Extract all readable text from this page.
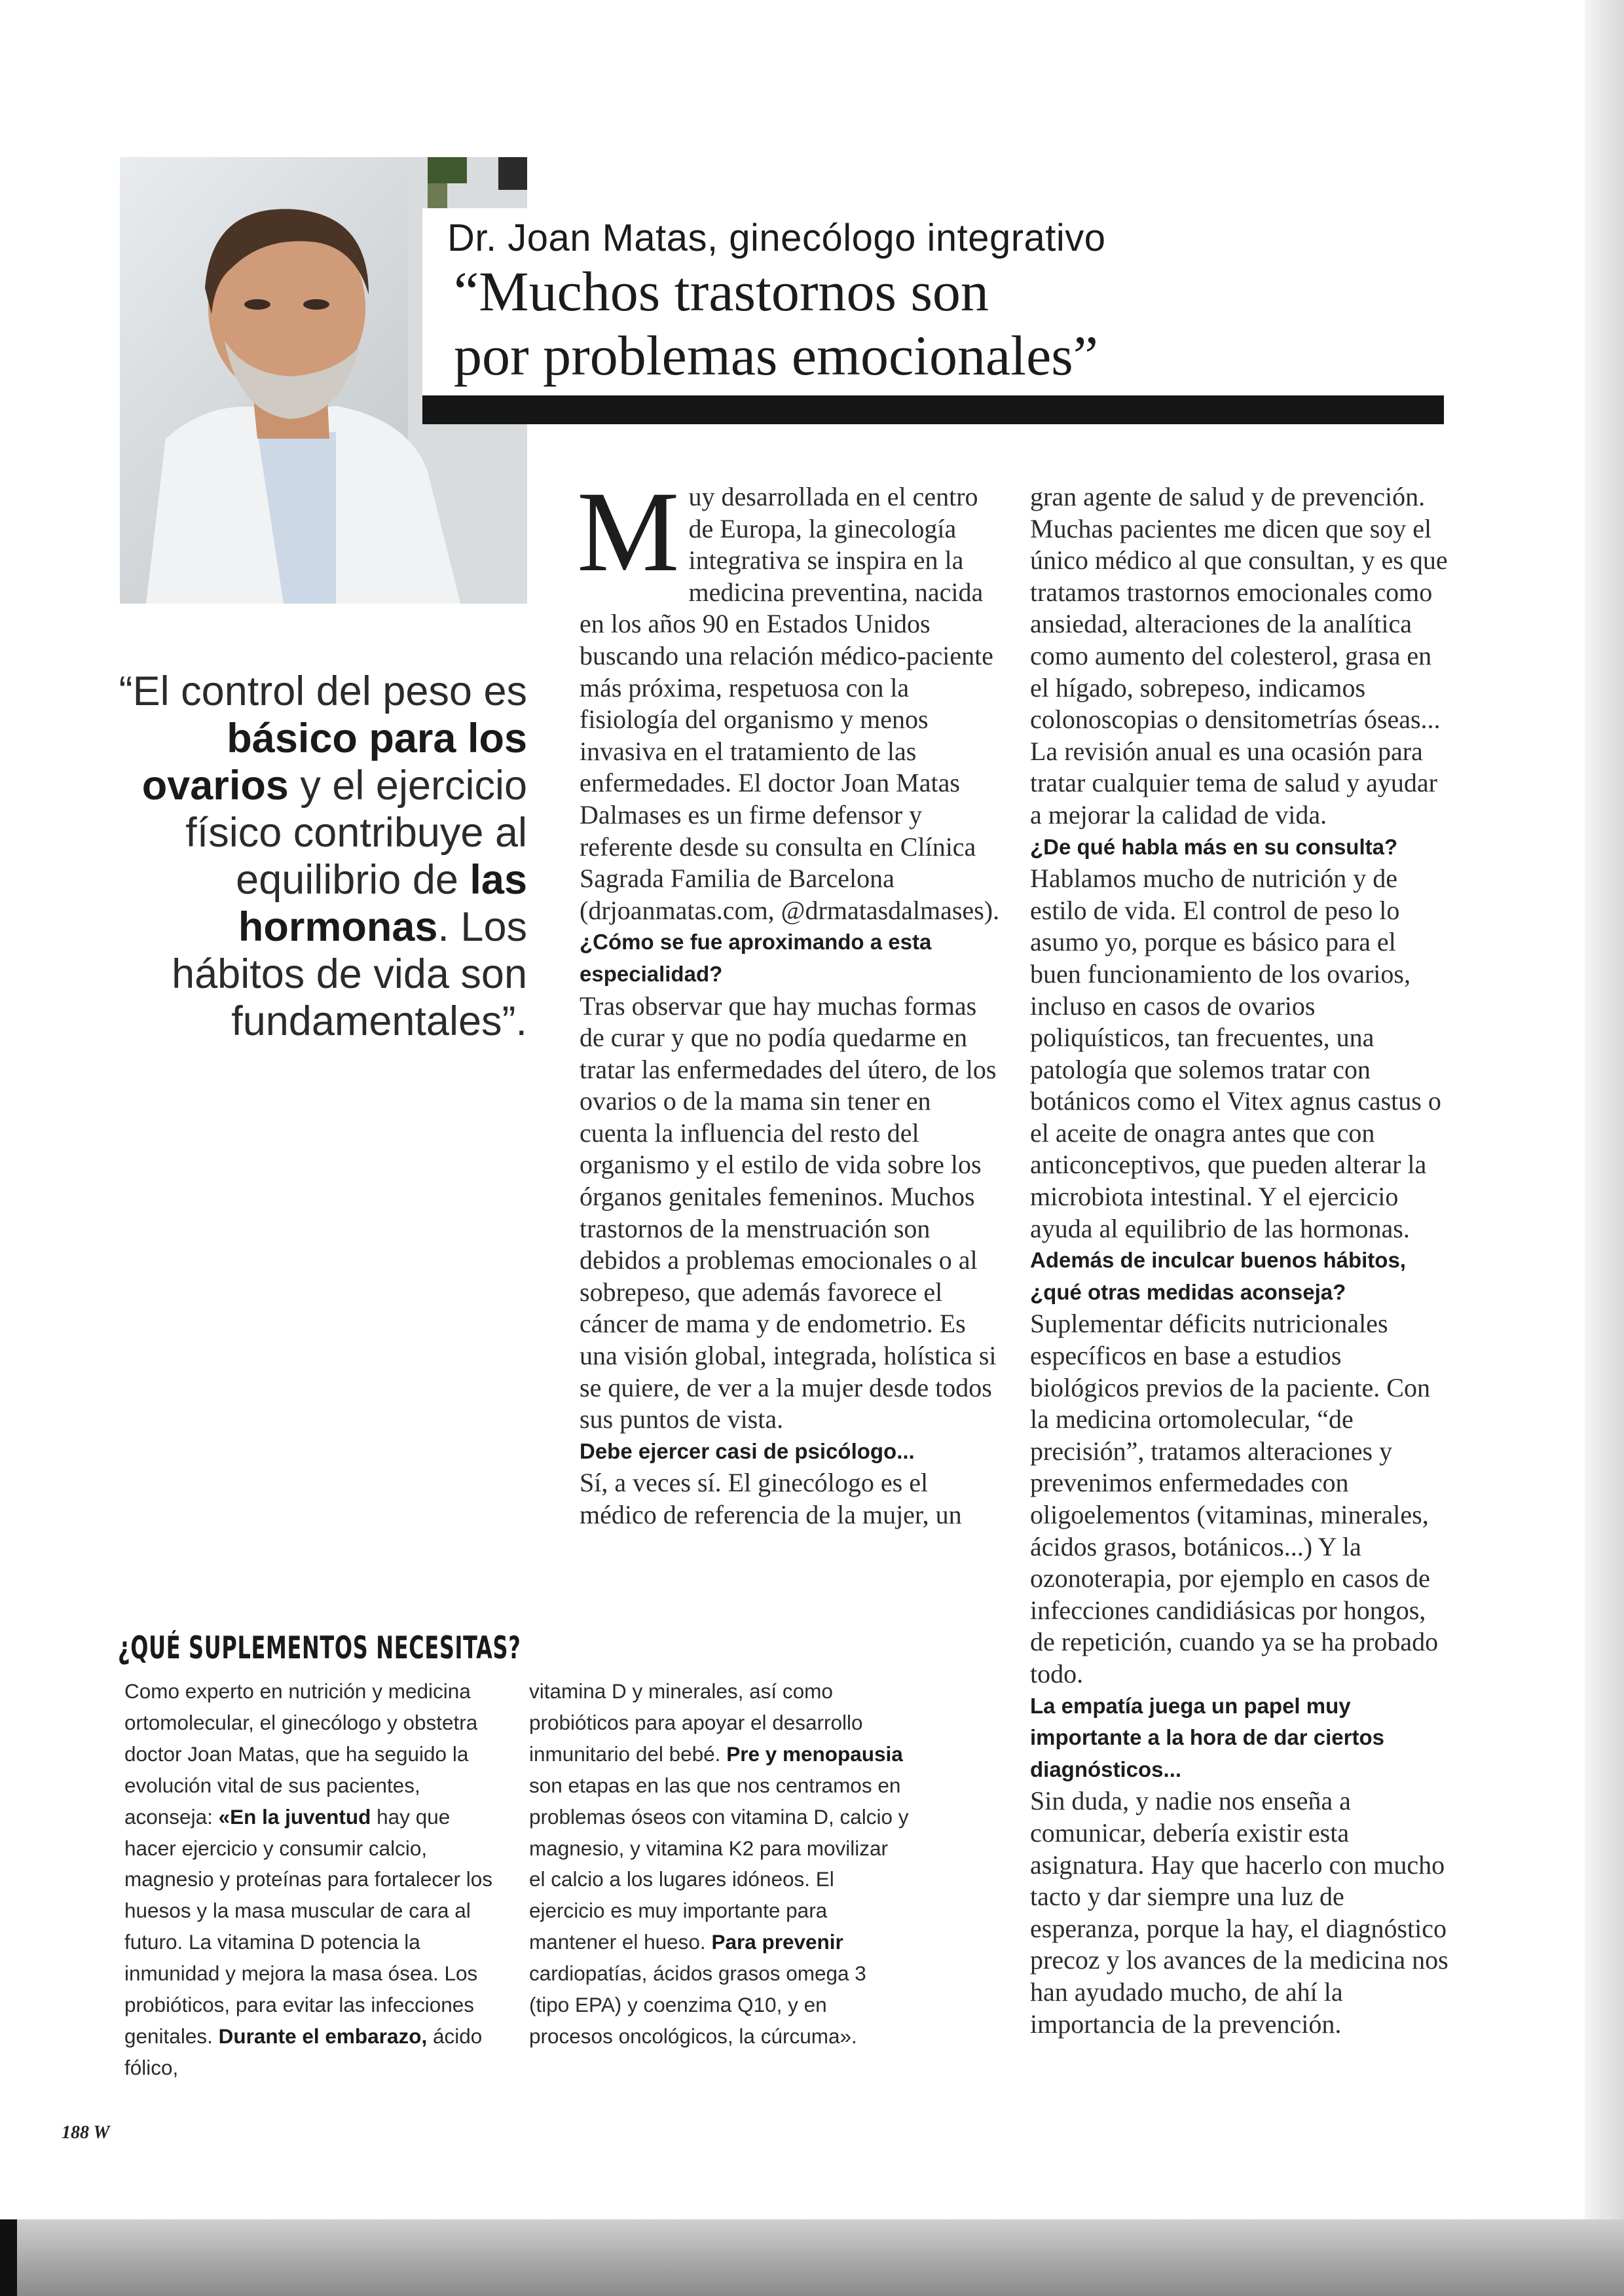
Dr. Joan Matas, ginecólogo integrativo
“Muchos trastornos son
por problemas emocionales”
“El control del peso es básico para los ovarios y el ejercicio físico contribuye al equilibrio de las hormonas. Los hábitos de vida son fundamentales”.

Muy desarrollada en el centro de Europa, la ginecología integrativa se inspira en la medicina preventina, nacida en los años 90 en Estados Unidos buscando una relación médico-paciente más próxima, respetuosa con la fisiología del organismo y menos invasiva en el tratamiento de las enfermedades. El doctor Joan Matas Dalmases es un firme defensor y referente desde su consulta en Clínica Sagrada Familia de Barcelona (drjoanmatas.com, @drmatasdalmases).

¿Cómo se fue aproximando a esta especialidad?

Tras observar que hay muchas formas de curar y que no podía quedarme en tratar las enfermedades del útero, de los ovarios o de la mama sin tener en cuenta la influencia del resto del organismo y el estilo de vida sobre los órganos genitales femeninos. Muchos trastornos de la menstruación son debidos a problemas emocionales o al sobrepeso, que además favorece el cáncer de mama y de endometrio. Es una visión global, integrada, holística si se quiere, de ver a la mujer desde todos sus puntos de vista.

Debe ejercer casi de psicólogo...

Sí, a veces sí. El ginecólogo es el médico de referencia de la mujer, un

gran agente de salud y de prevención. Muchas pacientes me dicen que soy el único médico al que consultan, y es que tratamos trastornos emocionales como ansiedad, alteraciones de la analítica como aumento del colesterol, grasa en el hígado, sobrepeso, indicamos colonoscopias o densitometrías óseas... La revisión anual es una ocasión para tratar cualquier tema de salud y ayudar a mejorar la calidad de vida.

¿De qué habla más en su consulta?

Hablamos mucho de nutrición y de estilo de vida. El control de peso lo asumo yo, porque es básico para el buen funcionamiento de los ovarios, incluso en casos de ovarios poliquísticos, tan frecuentes, una patología que solemos tratar con botánicos como el Vitex agnus castus o el aceite de onagra antes que con anticonceptivos, que pueden alterar la microbiota intestinal. Y el ejercicio ayuda al equilibrio de las hormonas.

Además de inculcar buenos hábitos, ¿qué otras medidas aconseja?

Suplementar déficits nutricionales específicos en base a estudios biológicos previos de la paciente. Con la medicina ortomolecular, “de precisión”, tratamos alteraciones y prevenimos enfermedades con oligoelementos (vitaminas, minerales, ácidos grasos, botánicos...) Y la ozonoterapia, por ejemplo en casos de infecciones candidiásicas por hongos, de repetición, cuando ya se ha probado todo.

La empatía juega un papel muy importante a la hora de dar ciertos diagnósticos...

Sin duda, y nadie nos enseña a comunicar, debería existir esta asignatura. Hay que hacerlo con mucho tacto y dar siempre una luz de esperanza, porque la hay, el diagnóstico precoz y los avances de la medicina nos han ayudado mucho, de ahí la importancia de la prevención.

¿QUÉ SUPLEMENTOS NECESITAS?

Como experto en nutrición y medicina ortomolecular, el ginecólogo y obstetra doctor Joan Matas, que ha seguido la evolución vital de sus pacientes, aconseja: «En la juventud hay que hacer ejercicio y consumir calcio, magnesio y proteínas para fortalecer los huesos y la masa muscular de cara al futuro. La vitamina D potencia la inmunidad y mejora la masa ósea. Los probióticos, para evitar las infecciones genitales. Durante el embarazo, ácido fólico,

vitamina D y minerales, así como probióticos para apoyar el desarrollo inmunitario del bebé. Pre y menopausia son etapas en las que nos centramos en problemas óseos con vitamina D, calcio y magnesio, y vitamina K2 para movilizar el calcio a los lugares idóneos. El ejercicio es muy importante para mantener el hueso. Para prevenir cardiopatías, ácidos grasos omega 3 (tipo EPA) y coenzima Q10, y en procesos oncológicos, la cúrcuma».

188 W
